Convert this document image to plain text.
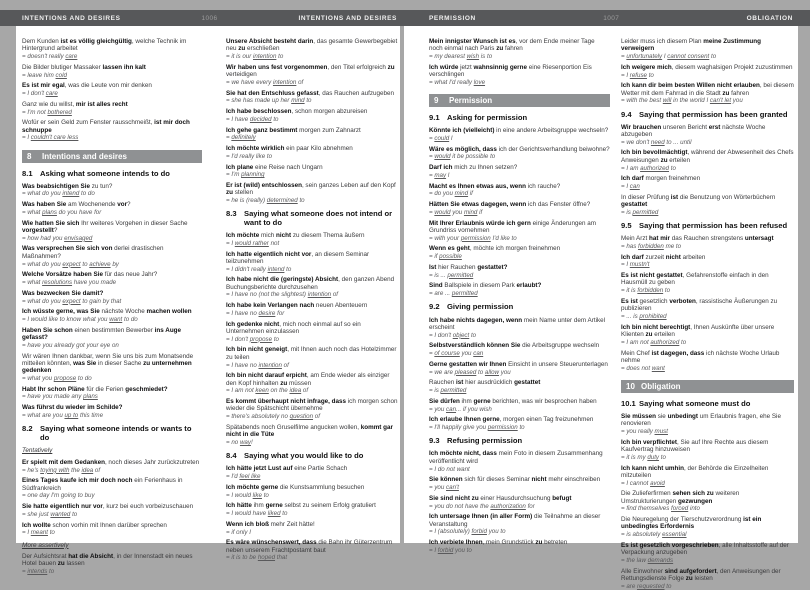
INTENTIONS AND DESIRES	1006	INTENTIONS AND DESIRES	PERMISSION	1007	OBLIGATION
Dem Kunden ist es völlig gleichgültig, welche Technik im Hintergrund arbeitet
= doesn't really care
Die Bilder blutiger Massaker lassen ihn kalt
= leave him cold
Es ist mir egal, was die Leute von mir denken
= I don't care
Ganz wie du willst, mir ist alles recht
= I'm not bothered
Wofür er sein Geld zum Fenster rausschmeißt, ist mir doch schnuppe
= I couldn't care less
8	Intentions and desires
8.1 Asking what someone intends to do
Was beabsichtigen Sie zu tun?
= what do you intend to do
Was haben Sie am Wochenende vor?
= what plans do you have for
Wie hatten Sie sich Ihr weiteres Vorgehen in dieser Sache vorgestellt?
= how had you envisaged
Was versprechen Sie sich von derlei drastischen Maßnahmen?
= what do you expect to achieve by
Welche Vorsätze haben Sie für das neue Jahr?
= what resolutions have you made
Was bezwecken Sie damit?
= what do you expect to gain by that
Ich wüsste gerne, was Sie nächste Woche machen wollen
= I would like to know what you want to do
Haben Sie schon einen bestimmten Bewerber ins Auge gefasst?
= have you already got your eye on
Wir wären Ihnen dankbar, wenn Sie uns bis zum Monatsende mitteilen könnten, was Sie in dieser Sache zu unternehmen gedenken
= what you propose to do
Habt Ihr schon Pläne für die Ferien geschmiedet?
= have you made any plans
Was führst du wieder im Schilde?
= what are you up to this time
8.2 Saying what someone intends or wants to do
Tentatively
Er spielt mit dem Gedanken, noch dieses Jahr zurückzutreten
= he's toying with the idea of
Eines Tages kaufe ich mir doch noch ein Ferienhaus in Südfrankreich
= one day I'm going to buy
Sie hatte eigentlich nur vor, kurz bei euch vorbeizuschauen
= she just wanted to
Ich wollte schon vorhin mit Ihnen darüber sprechen
= I meant to
More assertively
Der Aufsichtsrat hat die Absicht, in der Innenstadt ein neues Hotel bauen zu lassen
= intends to
Unsere Absicht besteht darin, das gesamte Gewerbegebiet neu zu erschließen
= it is our intention to
Wir haben uns fest vorgenommen, den Titel erfolgreich zu verteidigen
= we have every intention of
Sie hat den Entschluss gefasst, das Rauchen aufzugeben
= she has made up her mind to
Ich habe beschlossen, schon morgen abzureisen
= I have decided to
Ich gehe ganz bestimmt morgen zum Zahnarzt
= definitely
Ich möchte wirklich ein paar Kilo abnehmen
= I'd really like to
Ich plane eine Reise nach Ungarn
= I'm planning
Er ist (wild) entschlossen, sein ganzes Leben auf den Kopf zu stellen
= he is (really) determined to
8.3 Saying what someone does not intend or want to do
Ich möchte mich nicht zu diesem Thema äußern
= I would rather not
Ich hatte eigentlich nicht vor, an diesem Seminar teilzunehmen
= I didn't really intend to
Ich habe nicht die (geringste) Absicht, den ganzen Abend Buchungsberichte durchzusehen
= I have no (not the slightest) intention of
Ich habe kein Verlangen nach neuen Abenteuern
= I have no desire for
Ich gedenke nicht, mich noch einmal auf so ein Unternehmen einzulassen
= I don't propose to
Ich bin nicht geneigt, mit Ihnen auch noch das Hotelzimmer zu teilen
= I have no intention of
Ich bin nicht darauf erpicht, am Ende wieder als einziger den Kopf hinhalten zu müssen
= I am not keen on the idea of
Es kommt überhaupt nicht infrage, dass ich morgen schon wieder die Spätschicht übernehme
= there's absolutely no question of
Spätabends noch Gruselfilme angucken wollen, kommt gar nicht in die Tüte
= no way!
8.4 Saying what you would like to do
Ich hätte jetzt Lust auf eine Partie Schach
= I'd feel like
Ich möchte gerne die Kunstsammlung besuchen
= I would like to
Ich hätte ihm gerne selbst zu seinem Erfolg gratuliert
= I would have liked to
Wenn ich bloß mehr Zeit hätte!
= if only I
Es wäre wünschenswert, dass die Bahn ihr Güterzentrum neben unserem Frachtpostamt baut
= it is to be hoped that
Mein innigster Wunsch ist es, vor dem Ende meiner Tage noch einmal nach Paris zu fahren
= my dearest wish is to
Ich würde jetzt wahnsinnig gerne eine Riesenportion Eis verschlingen
= what I'd really love
9	Permission
9.1 Asking for permission
Könnte ich (vielleicht) in eine andere Arbeitsgruppe wechseln?
= could I
Wäre es möglich, dass ich der Gerichtsverhandlung beiwohne?
= would it be possible to
Darf ich mich zu Ihnen setzen?
= may I
Macht es Ihnen etwas aus, wenn ich rauche?
= do you mind if
Hätten Sie etwas dagegen, wenn ich das Fenster öffne?
= would you mind if
Mit Ihrer Erlaubnis würde ich gern einige Änderungen am Grundriss vornehmen
= with your permission I'd like to
Wenn es geht, möchte ich morgen freinehmen
= if possible
Ist hier Rauchen gestattet?
= is ... permitted
Sind Ballspiele in diesem Park erlaubt?
= are ... permitted
9.2 Giving permission
Ich habe nichts dagegen, wenn mein Name unter dem Artikel erscheint
= I don't object to
Selbstverständlich können Sie die Arbeitsgruppe wechseln
= of course you can
Gerne gestatten wir Ihnen Einsicht in unsere Steuerunterlagen
= we are pleased to allow you
Rauchen ist hier ausdrücklich gestattet
= is permitted
Sie dürfen ihm gerne berichten, was wir besprochen haben
= you can... if you wish
Ich erlaube Ihnen gerne, morgen einen Tag freizunehmen
= I'll happily give you permission to
9.3 Refusing permission
Ich möchte nicht, dass mein Foto in diesem Zusammenhang veröffentlicht wird
= I do not want
Sie können sich für dieses Seminar nicht mehr einschreiben
= you can't
Sie sind nicht zu einer Hausdurchsuchung befugt
= you do not have the authorization for
Ich untersage Ihnen (in aller Form) die Teilnahme an dieser Veranstaltung
= I (absolutely) forbid you to
Ich verbiete Ihnen, mein Grundstück zu betreten
= I forbid you to
Leider muss ich diesem Plan meine Zustimmung verweigern
= unfortunately I cannot consent to
Ich weigere mich, diesem waghalsigen Projekt zuzustimmen
= I refuse to
Ich kann dir beim besten Willen nicht erlauben, bei diesem Wetter mit dem Fahrrad in die Stadt zu fahren
= with the best will in the world I can't let you
9.4 Saying that permission has been granted
Wir brauchen unseren Bericht erst nächste Woche abzugeben
= we don't need to ... until
Ich bin bevollmächtigt, während der Abwesenheit des Chefs Anweisungen zu erteilen
= I am authorized to
Ich darf morgen freinehmen
= I can
In dieser Prüfung ist die Benutzung von Wörterbüchern gestattet
= is permitted
9.5 Saying that permission has been refused
Mein Arzt hat mir das Rauchen strengstens untersagt
= has forbidden me to
Ich darf zurzeit nicht arbeiten
= I mustn't
Es ist nicht gestattet, Gefahrenstoffe einfach in den Hausmüll zu geben
= it is forbidden to
Es ist gesetzlich verboten, rassistische Äußerungen zu publizieren
= ... is prohibited
Ich bin nicht berechtigt, Ihnen Auskünfte über unsere Klienten zu erteilen
= I am not authorized to
Mein Chef ist dagegen, dass ich nächste Woche Urlaub nehme
= does not want
10 Obligation
10.1 Saying what someone must do
Sie müssen sie unbedingt um Erlaubnis fragen, ehe Sie renovieren
= you really must
Ich bin verpflichtet, Sie auf Ihre Rechte aus diesem Kaufvertrag hinzuweisen
= it is my duty to
Ich kann nicht umhin, der Behörde die Einzelheiten mitzuteilen
= I cannot avoid
Die Zulieferfirmen sehen sich zu weiteren Umstrukturierungen gezwungen
= find themselves forced into
Die Neuregelung der Tierschutzverordnung ist ein unbedingtes Erfordernis
= is absolutely essential
Es ist gesetzlich vorgeschrieben, alle Inhaltsstoffe auf der Verpackung anzugeben
= the law demands
Alle Einwohner sind aufgefordert, den Anweisungen der Rettungsdienste Folge zu leisten
= are requested to
